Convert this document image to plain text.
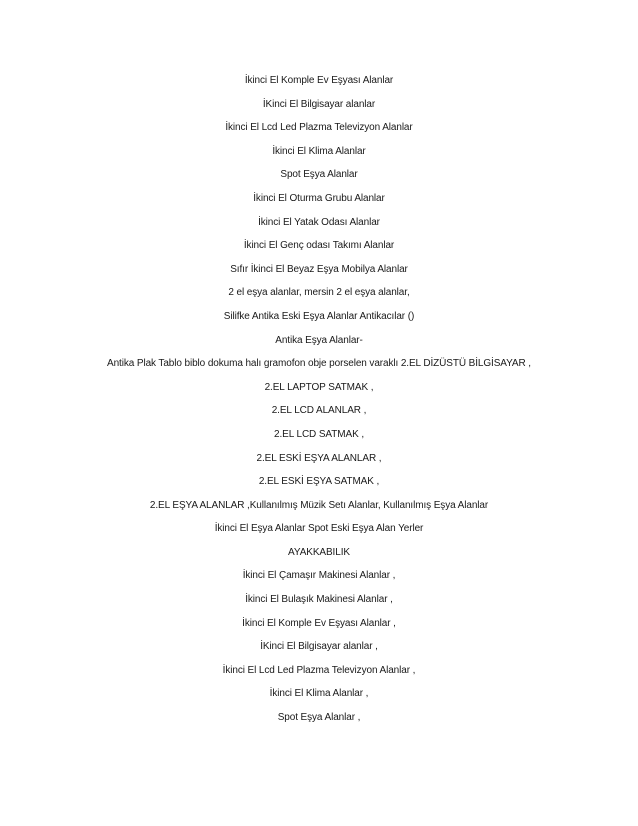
İkinci El Komple Ev Eşyası Alanlar
İKinci El Bilgisayar alanlar
İkinci El Lcd Led Plazma Televizyon Alanlar
İkinci El Klima Alanlar
Spot Eşya Alanlar
İkinci El Oturma Grubu Alanlar
İkinci El Yatak Odası Alanlar
İkinci El Genç odası Takımı Alanlar
Sıfır İkinci El Beyaz Eşya Mobilya Alanlar
2 el eşya alanlar, mersin 2 el eşya alanlar,
Silifke Antika Eski Eşya Alanlar Antikacılar ()
Antika Eşya Alanlar-
Antika Plak Tablo biblo dokuma halı gramofon obje porselen varaklı 2.EL DİZÜSTÜ BİLGİSAYAR ,
2.EL LAPTOP SATMAK ,
2.EL LCD ALANLAR ,
2.EL LCD SATMAK ,
2.EL ESKİ EŞYA ALANLAR ,
2.EL ESKİ EŞYA SATMAK ,
2.EL EŞYA ALANLAR ,Kullanılmış Müzik Setı Alanlar, Kullanılmış Eşya Alanlar
İkinci El Eşya Alanlar Spot Eski Eşya Alan Yerler
AYAKKABILIK
İkinci El Çamaşır Makinesi Alanlar ,
İkinci El Bulaşık Makinesi Alanlar ,
İkinci El Komple Ev Eşyası Alanlar ,
İKinci El Bilgisayar alanlar ,
İkinci El Lcd Led Plazma Televizyon Alanlar ,
İkinci El Klima Alanlar ,
Spot Eşya Alanlar ,
